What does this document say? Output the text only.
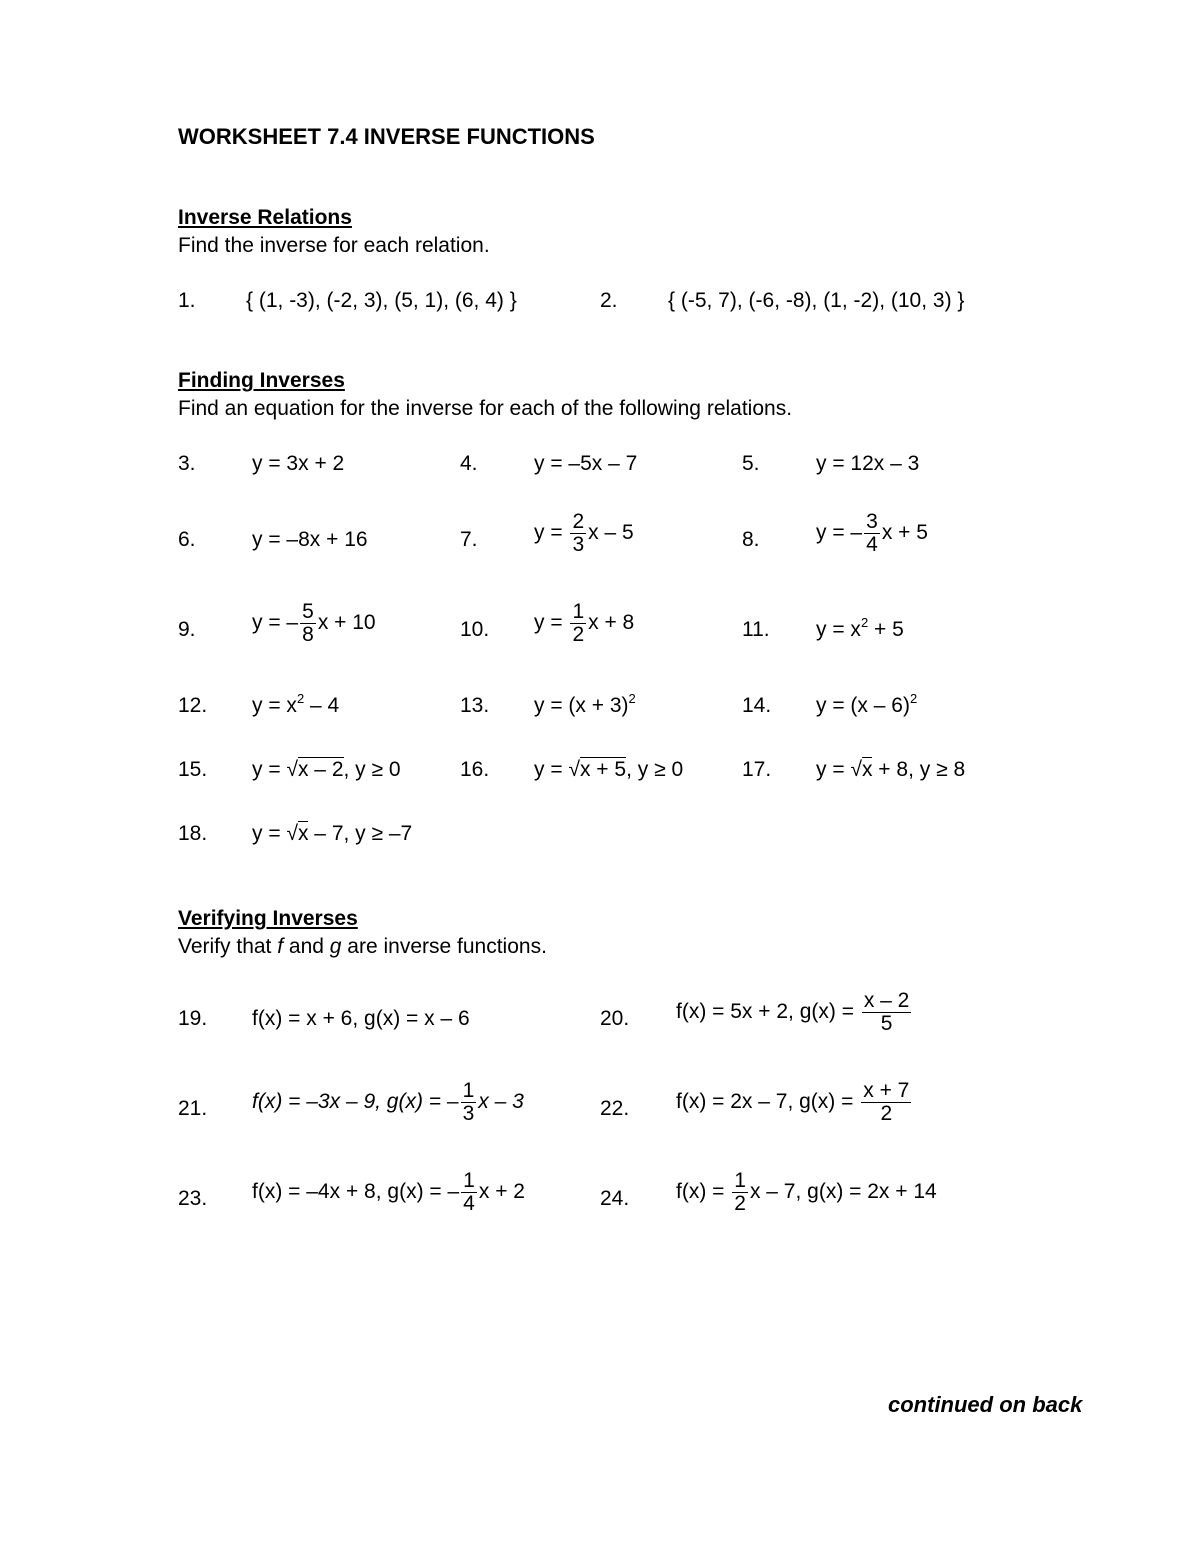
WORKSHEET 7.4 INVERSE FUNCTIONS
Inverse Relations
Find the inverse for each relation.
1. { (1, -3), (-2, 3), (5, 1), (6, 4) }	2. { (-5, 7), (-6, -8), (1, -2), (10, 3) }
Finding Inverses
Find an equation for the inverse for each of the following relations.
3.	y = 3x + 2	4.	y = –5x – 7	5.	y = 12x – 3
6.	y = –8x + 16	7.	$y = \frac{2}{3}$ x – 5	8.	y = – $\frac{3}{4}$ x + 5
9.	y = – $\frac{5}{8}$ x + 10	10. $y = \frac{1}{2}$ x + 8	11. $y = x^2 + 5$
12. $y = x^2 - 4$	13. $y = (x + 3)^2$	14. y = (x – 6)$^2$
15. y = √x – 2, y ≥ 0	16. y = √x + 5, y ≥ 0	17. y = √x + 8, y ≥ 8
18. y = √x – 7, y ≥ –7
Verifying Inverses
Verify that f and g are inverse functions.
19. f(x) = x + 6, g(x) = x – 6	20. f(x) = 5x + 2, $g(x) = \frac{x - 2}{5}$
21. f(x) = –3x – 9, g(x) = – $\frac{1}{3}$ x – 3	22. f(x) = 2x – 7, $g(x) = \frac{x + 7}{2}$
23. f(x) = –4x + 8, g(x) = – $\frac{1}{4}$ x + 2	24. $f(x) = \frac{1}{2}$ x – 7, g(x) = 2x + 14
continued on back
